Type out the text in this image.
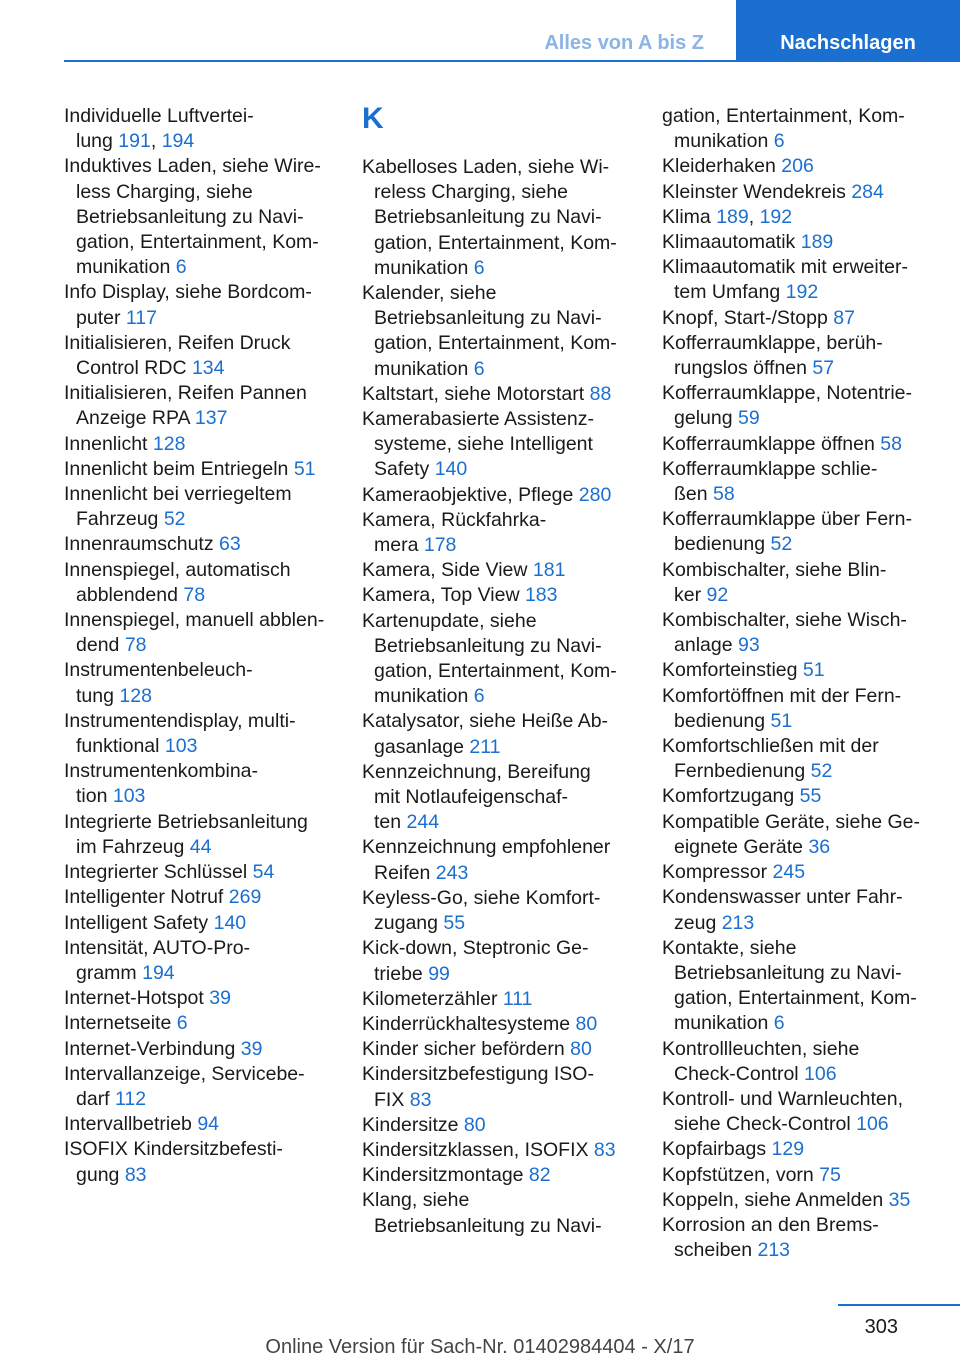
Alles von A bis Z	Nachschlagen

Individuelle Luftvertei-
lung 191, 194

Induktives Laden, siehe Wire-
less Charging, siehe
Betriebsanleitung zu Navi-
gation, Entertainment, Kom-
munikation 6

Info Display, siehe Bordcom-
puter 117

Initialisieren, Reifen Druck
Control RDC 134

Initialisieren, Reifen Pannen
Anzeige RPA 137

Innenlicht 128

Innenlicht beim Entriegeln 51

Innenlicht bei verriegeltem
Fahrzeug 52

Innenraumschutz 63

Innenspiegel, automatisch
abblendend 78

Innenspiegel, manuell abblen-
dend 78

Instrumentenbeleuch-
tung 128

Instrumentendisplay, multi-
funktional 103

Instrumentenkombina-
tion 103

Integrierte Betriebsanleitung
im Fahrzeug 44

Integrierter Schlüssel 54

Intelligenter Notruf 269

Intelligent Safety 140

Intensität, AUTO-Pro-
gramm 194

Internet-Hotspot 39

Internetseite 6

Internet-Verbindung 39

Intervallanzeige, Servicebe-
darf 112

Intervallbetrieb 94

ISOFIX Kindersitzbefesti-
gung 83

K

Kabelloses Laden, siehe Wi-
reless Charging, siehe
Betriebsanleitung zu Navi-
gation, Entertainment, Kom-
munikation 6

Kalender, siehe
Betriebsanleitung zu Navi-
gation, Entertainment, Kom-
munikation 6

Kaltstart, siehe Motorstart 88

Kamerabasierte Assistenz-
systeme, siehe Intelligent
Safety 140

Kameraobjektive, Pflege 280

Kamera, Rückfahrka-
mera 178

Kamera, Side View 181

Kamera, Top View 183

Kartenupdate, siehe
Betriebsanleitung zu Navi-
gation, Entertainment, Kom-
munikation 6

Katalysator, siehe Heiße Ab-
gasanlage 211

Kennzeichnung, Bereifung
mit Notlaufeigenschaf-
ten 244

Kennzeichnung empfohlener
Reifen 243

Keyless-Go, siehe Komfort-
zugang 55

Kick-down, Steptronic Ge-
triebe 99

Kilometerzähler 111

Kinderrückhaltesysteme 80

Kinder sicher befördern 80

Kindersitzbefestigung ISO-
FIX 83

Kindersitze 80

Kindersitzklassen, ISOFIX 83

Kindersitzmontage 82

Klang, siehe
Betriebsanleitung zu Navi-

gation, Entertainment, Kom-
munikation 6

Kleiderhaken 206

Kleinster Wendekreis 284

Klima 189, 192

Klimaautomatik 189

Klimaautomatik mit erweiter-
tem Umfang 192

Knopf, Start-/Stopp 87

Kofferraumklappe, berüh-
rungslos öffnen 57

Kofferraumklappe, Notentrie-
gelung 59

Kofferraumklappe öffnen 58

Kofferraumklappe schlie-
ßen 58

Kofferraumklappe über Fern-
bedienung 52

Kombischalter, siehe Blin-
ker 92

Kombischalter, siehe Wisch-
anlage 93

Komforteinstieg 51

Komfortöffnen mit der Fern-
bedienung 51

Komfortschließen mit der
Fernbedienung 52

Komfortzugang 55

Kompatible Geräte, siehe Ge-
eignete Geräte 36

Kompressor 245

Kondenswasser unter Fahr-
zeug 213

Kontakte, siehe
Betriebsanleitung zu Navi-
gation, Entertainment, Kom-
munikation 6

Kontrollleuchten, siehe
Check-Control 106

Kontroll- und Warnleuchten,
siehe Check-Control 106

Kopfairbags 129

Kopfstützen, vorn 75

Koppeln, siehe Anmelden 35

Korrosion an den Brems-
scheiben 213

303
Online Version für Sach-Nr. 01402984404 - X/17
